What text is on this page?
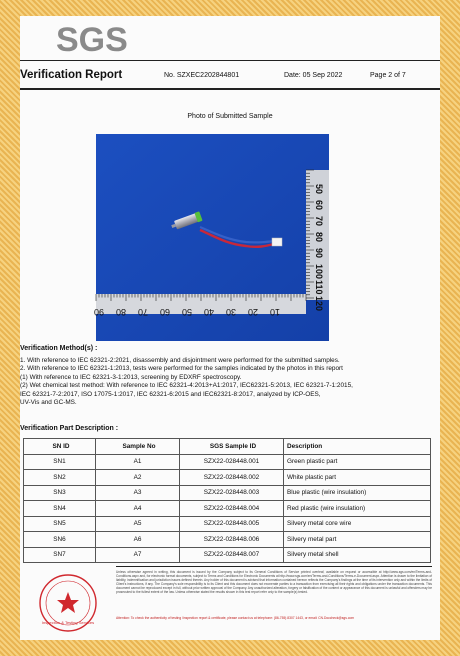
SGS
Verification Report	No. SZXEC2202844801	Date: 05 Sep 2022	Page 2 of 7
Photo of Submitted Sample
50
60
70
80
90
100
110
120
90 80 70 60 50 40 30 20 10
Verification Method(s) :
1. With reference to IEC 62321-2:2021, disassembly and disjointment were performed for the submitted samples.
2. With reference to IEC 62321-1:2013, tests were performed for the samples indicated by the photos in this report
(1) With reference to IEC 62321-3-1:2013, screening by EDXRF spectroscopy.
(2) Wet chemical test method: With reference to IEC 62321-4:2013+A1:2017, IEC62321-5:2013, IEC 62321-7-1:2015,
IEC 62321-7-2:2017, ISO 17075-1:2017, IEC 62321-6:2015 and IEC62321-8:2017, analyzed by ICP-OES,
UV-Vis and GC-MS.
Verification Part Description :
SN ID	Sample No	SGS Sample ID	Description
SN1	A1	SZX22-028448.001	Green plastic part
SN2	A2	SZX22-028448.002	White plastic part
SN3	A3	SZX22-028448.003	Blue plastic (wire insulation)
SN4	A4	SZX22-028448.004	Red plastic (wire insulation)
SN5	A5	SZX22-028448.005	Silvery metal core wire
SN6	A6	SZX22-028448.006	Silvery metal part
SN7	A7	SZX22-028448.007	Silvery metal shell
Inspection & Testing Services
Unless otherwise agreed in writing, this document is issued by the Company subject to its General Conditions of Service printed overleaf, available on request or accessible at http://www.sgs.com/en/Terms-and-Conditions.aspx and, for electronic format documents, subject to Terms and Conditions for Electronic Documents at http://www.sgs.com/en/Terms-and-Conditions/Terms-e-Document.aspx. Attention is drawn to the limitation of liability, indemnification and jurisdiction issues defined therein. Any holder of this document is advised that information contained hereon reflects the Company's findings at the time of its intervention only and within the limits of Client's instructions, if any. The Company's sole responsibility is to its Client and this document does not exonerate parties to a transaction from exercising all their rights and obligations under the transaction documents. This document cannot be reproduced except in full, without prior written approval of the Company. Any unauthorized alteration, forgery or falsification of the content or appearance of this document is unlawful and offenders may be prosecuted to the fullest extent of the law. Unless otherwise stated the results shown in this test report refer only to the sample(s) tested.
Attention: To check the authenticity of testing /inspection report & certificate, please contact us at telephone: (86-755) 8307 1443, or email: CN.Doccheck@sgs.com
